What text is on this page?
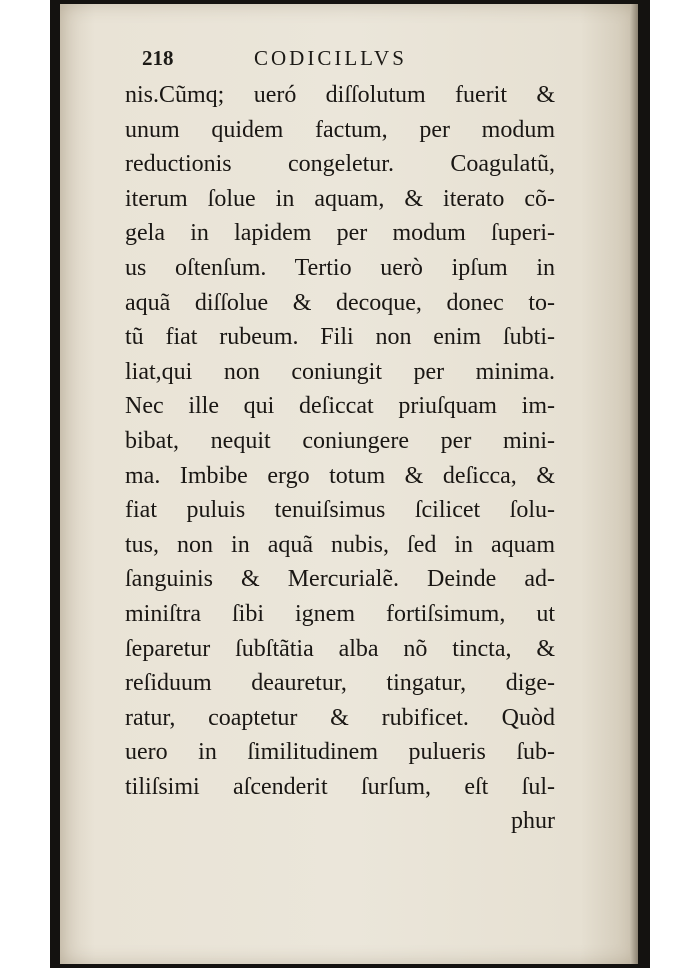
218	CODICILLVS
nis.Cũmq; ueró diſſolutum fuerit &
unum quidem factum, per modum
reductionis congeletur. Coagulatũ,
iterum ſolue in aquam, & iterato cõ-
gela in lapidem per modum ſuperi-
us oſtenſum. Tertio uerò ipſum in
aquã diſſolue & decoque, donec to-
tũ fiat rubeum. Fili non enim ſubti-
liat,qui non coniungit per minima.
Nec ille qui deſiccat priuſquam im-
bibat, nequit coniungere per mini-
ma. Imbibe ergo totum & deſicca, &
fiat puluis tenuiſsimus ſcilicet ſolu-
tus, non in aquã nubis, ſed in aquam
ſanguinis & Mercurialẽ. Deinde ad-
miniſtra ſibi ignem fortiſsimum, ut
ſeparetur ſubſtãtia alba nõ tincta, &
reſiduum deauretur, tingatur, dige-
ratur, coaptetur & rubificet. Quòd
uero in ſimilitudinem pulueris ſub-
tiliſsimi aſcenderit ſurſum, eſt ſul-
phur
